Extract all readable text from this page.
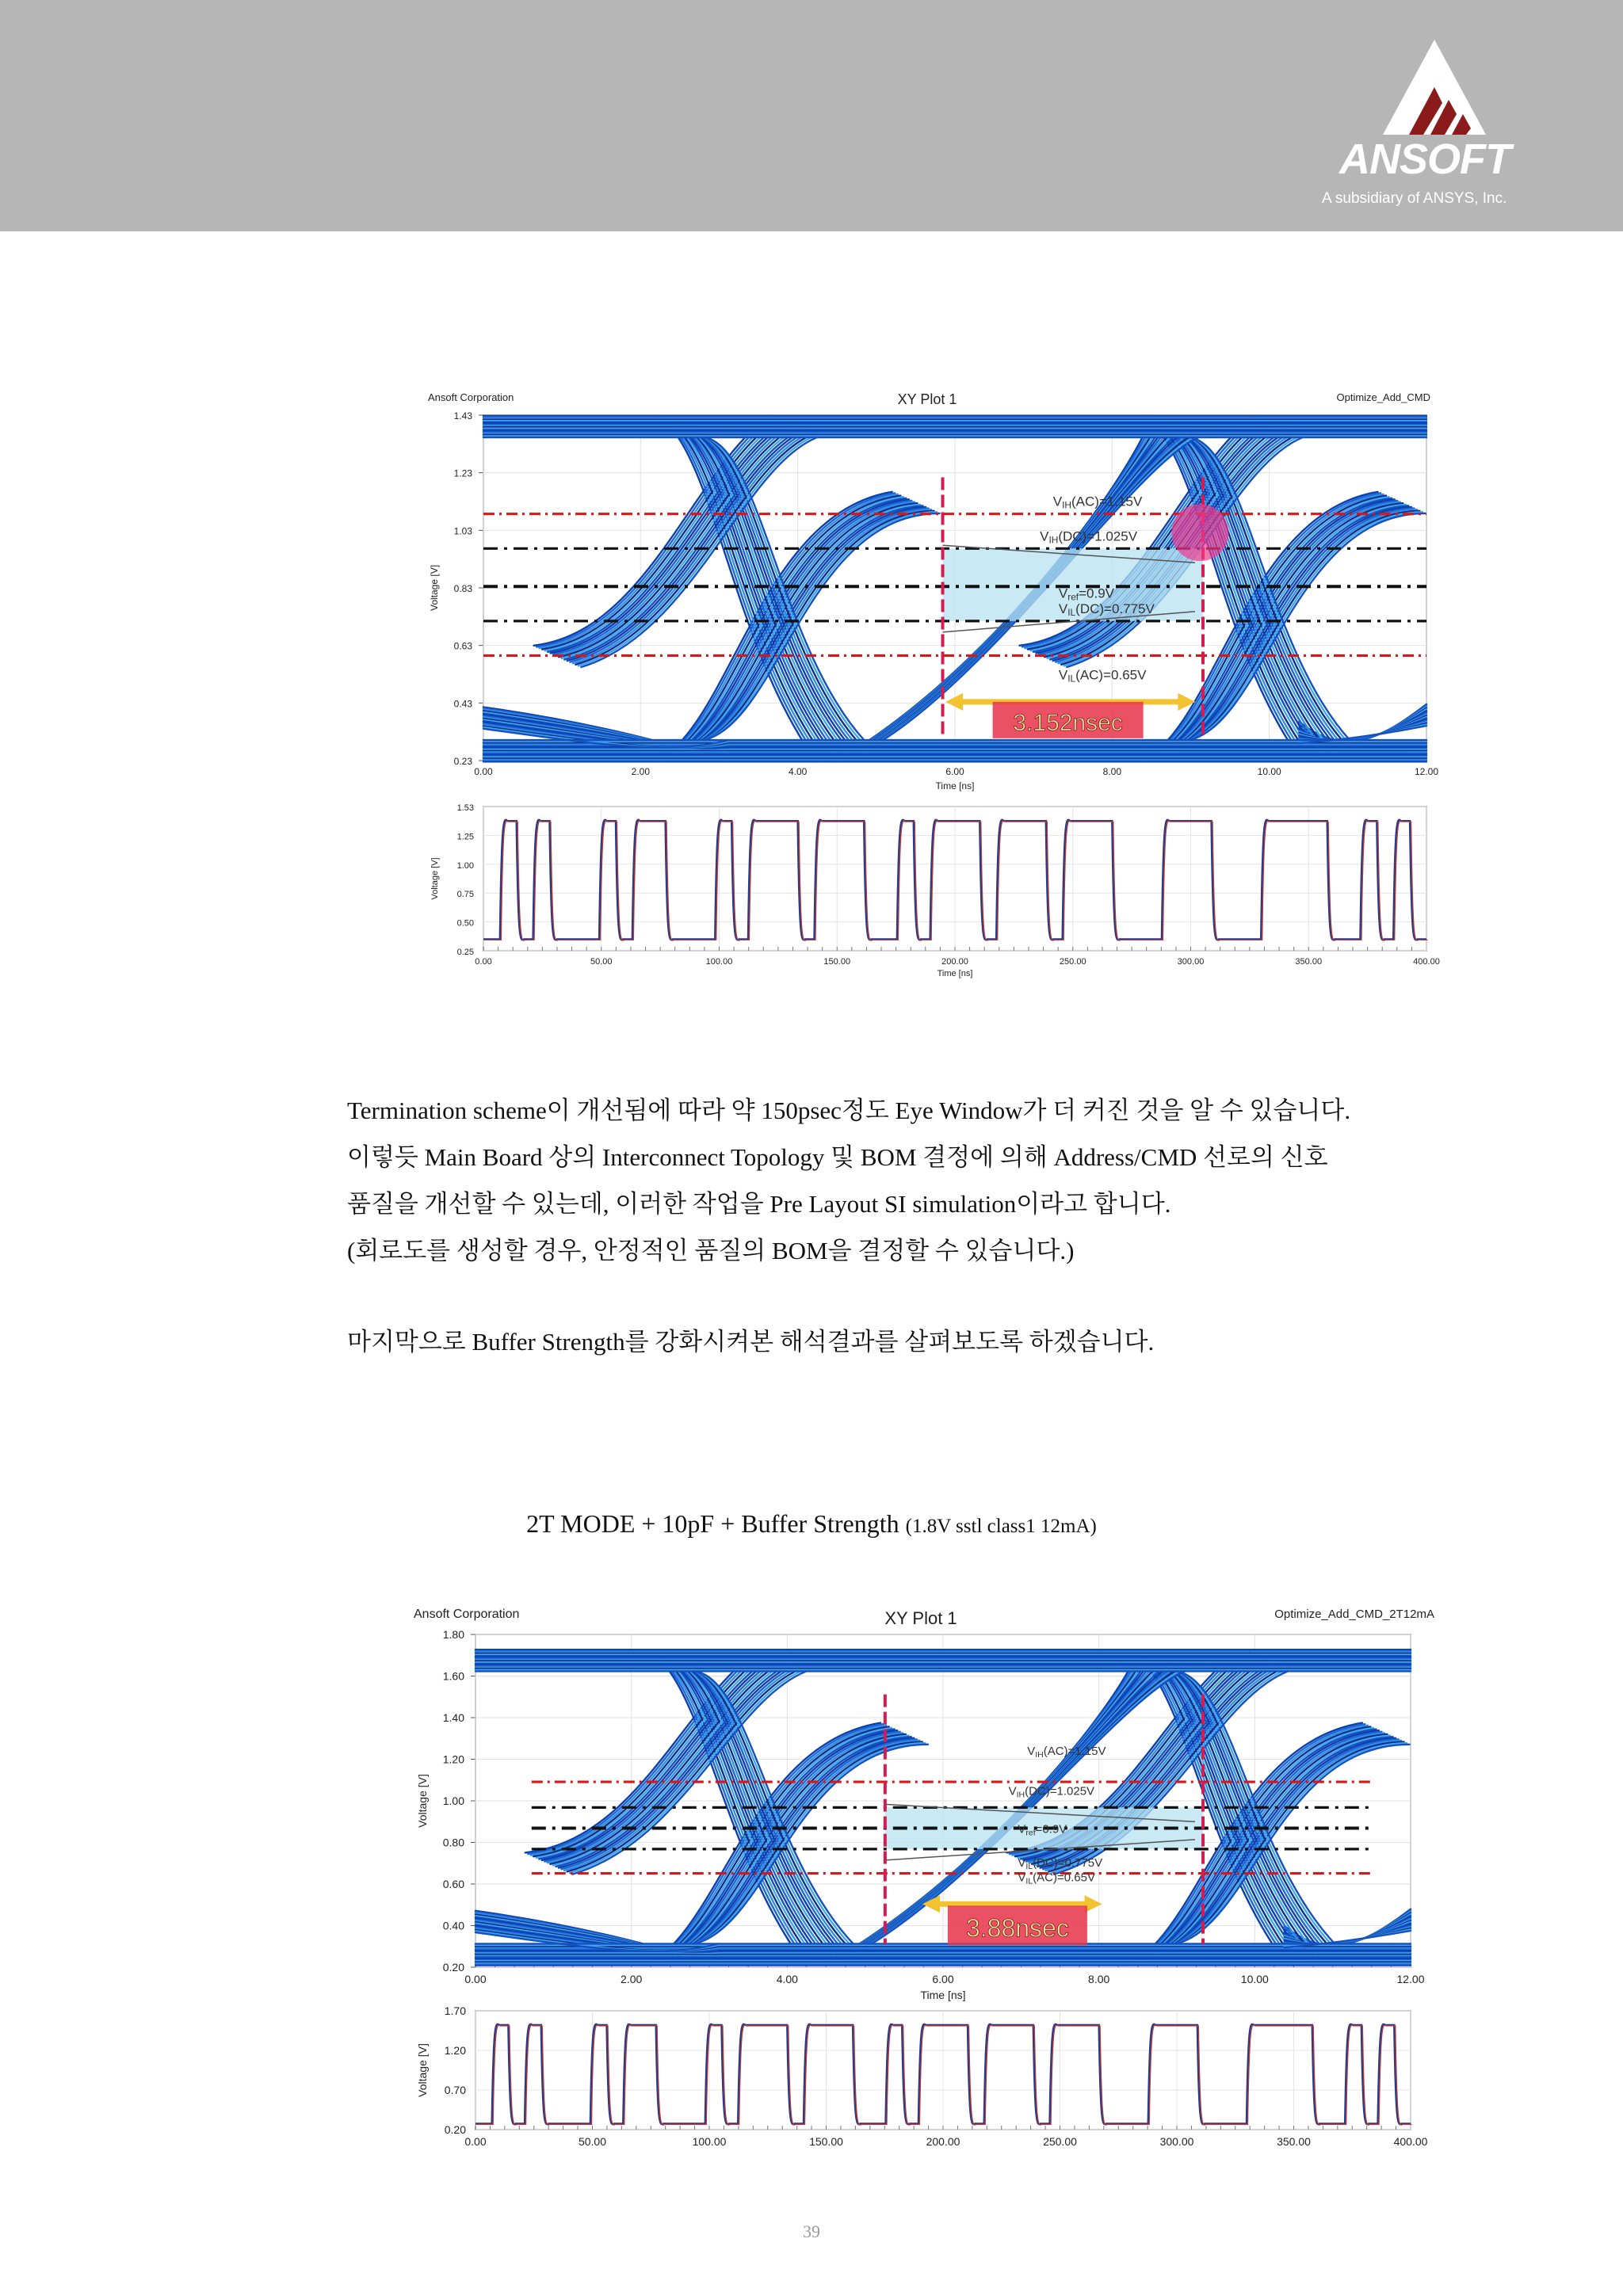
ANSOFT
A subsidiary of ANSYS, Inc.
Ansoft Corporation	XY Plot 1	Optimize_Add_CMD
1.43
1.23
1.03
0.83
0.63
0.43
0.23
0.00	2.00	4.00	6.00	8.00	10.00	12.00
Time [ns]
Voltage [V]
VIH(AC)=1.15V
VIH(DC)=1.025V
Vref=0.9V
VIL(DC)=0.775V
VIL(AC)=0.65V
3.152nsec
1.53
1.25
1.00
0.75
0.50
0.25
0.00	50.00	100.00	150.00	200.00	250.00	300.00	350.00	400.00
Time [ns]
Voltage [V]

Termination scheme이 개선됨에 따라 약 150psec정도 Eye Window가 더 커진 것을 알 수 있습니다.

이렇듯 Main Board 상의 Interconnect Topology 및 BOM 결정에 의해 Address/CMD 선로의 신호

품질을 개선할 수 있는데, 이러한 작업을 Pre Layout SI simulation이라고 합니다.

(회로도를 생성할 경우, 안정적인 품질의 BOM을 결정할 수 있습니다.)

마지막으로 Buffer Strength를 강화시켜본 해석결과를 살펴보도록 하겠습니다.

2T MODE + 10pF + Buffer Strength (1.8V sstl class1 12mA)
Ansoft Corporation	XY Plot 1	Optimize_Add_CMD_2T12mA
1.80
1.60
1.40
1.20
1.00
0.80
0.60
0.40
0.20
0.00	2.00	4.00	6.00	8.00	10.00	12.00
Time [ns]
Voltage [V]
$V_{IH}(AC)=1.15V$
$V_{IH}(DC)=1.025V$
$V_{ref}=0.9V$
$V_{IL}(DC)=0.775V$
$V_{IL}(AC)=0.65V$
3.88nsec
1.70
1.20
0.70
0.20
0.00	50.00	100.00	150.00	200.00	250.00	300.00	350.00	400.00
Voltage [V]
39
